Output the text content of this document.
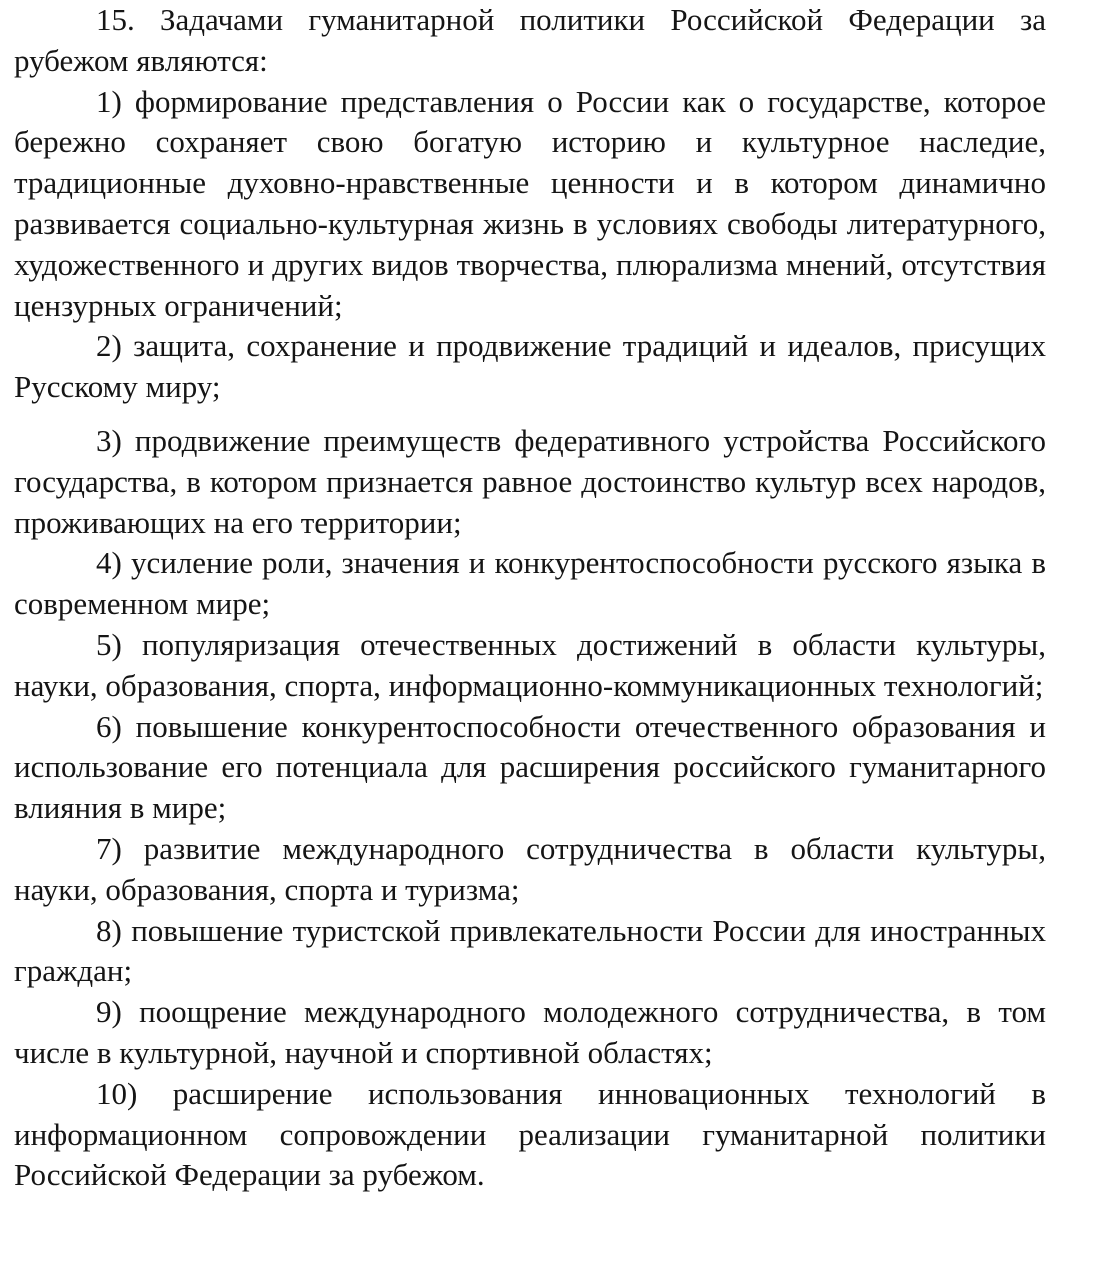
15. Задачами гуманитарной политики Российской Федерации за рубежом являются:

1) формирование представления о России как о государстве, которое бережно сохраняет свою богатую историю и культурное наследие, традиционные духовно-нравственные ценности и в котором динамично развивается социально-культурная жизнь в условиях свободы литературного, художественного и других видов творчества, плюрализма мнений, отсутствия цензурных ограничений;

2) защита, сохранение и продвижение традиций и идеалов, присущих Русскому миру;

3) продвижение преимуществ федеративного устройства Российского государства, в котором признается равное достоинство культур всех народов, проживающих на его территории;

4) усиление роли, значения и конкурентоспособности русского языка в современном мире;

5) популяризация отечественных достижений в области культуры, науки, образования, спорта, информационно-коммуникационных технологий;

6) повышение конкурентоспособности отечественного образования и использование его потенциала для расширения российского гуманитарного влияния в мире;

7) развитие международного сотрудничества в области культуры, науки, образования, спорта и туризма;

8) повышение туристской привлекательности России для иностранных граждан;

9) поощрение международного молодежного сотрудничества, в том числе в культурной, научной и спортивной областях;

10) расширение использования инновационных технологий в информационном сопровождении реализации гуманитарной политики Российской Федерации за рубежом.
